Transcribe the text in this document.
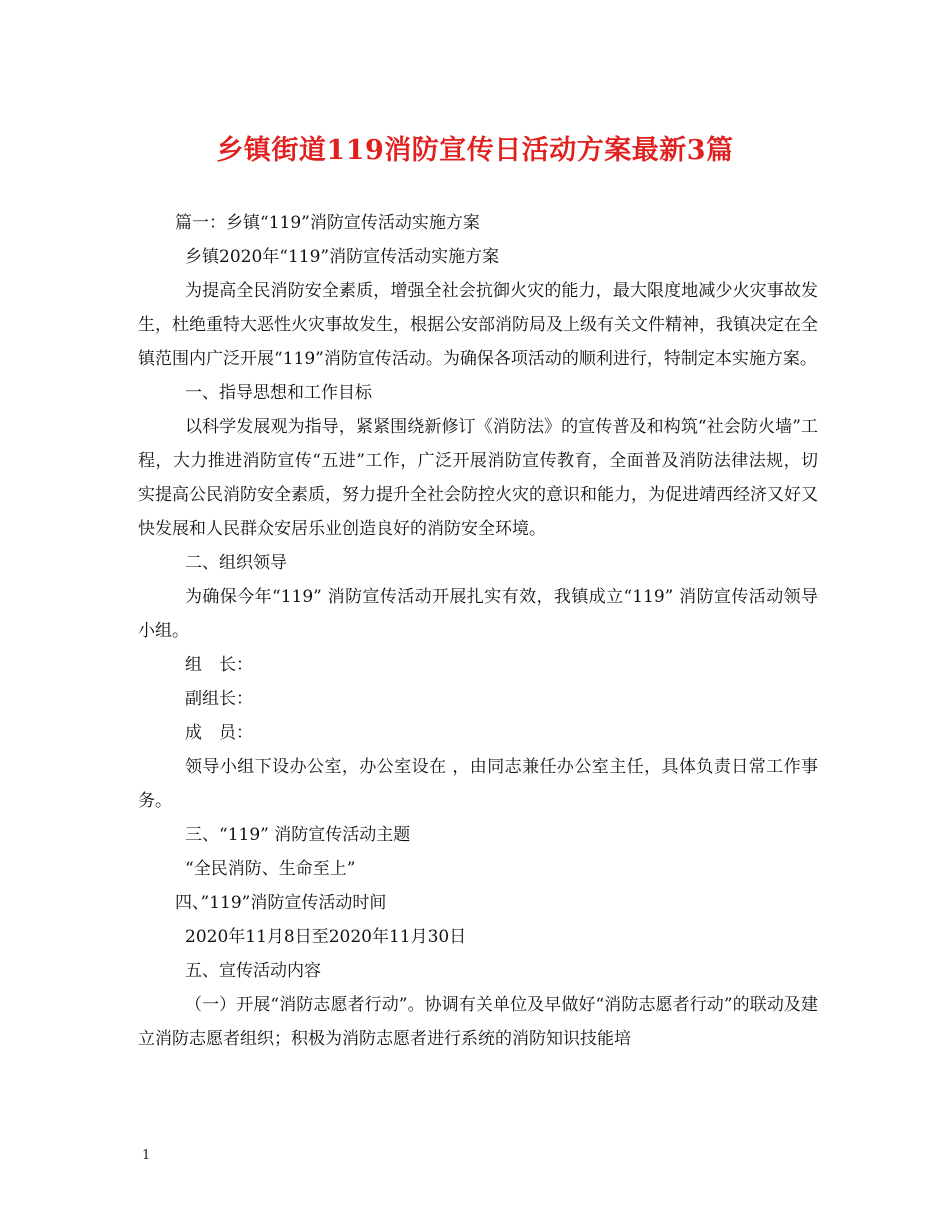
乡镇街道119消防宣传日活动方案最新3篇

篇一：乡镇“119”消防宣传活动实施方案

乡镇2020年“119”消防宣传活动实施方案

为提高全民消防安全素质，增强全社会抗御火灾的能力，最大限度地减少火灾事故发生，杜绝重特大恶性火灾事故发生，根据公安部消防局及上级有关文件精神，我镇决定在全镇范围内广泛开展“119”消防宣传活动。为确保各项活动的顺利进行，特制定本实施方案。

一、指导思想和工作目标

以科学发展观为指导，紧紧围绕新修订《消防法》的宣传普及和构筑“社会防火墙”工程，大力推进消防宣传“五进”工作，广泛开展消防宣传教育，全面普及消防法律法规，切实提高公民消防安全素质，努力提升全社会防控火灾的意识和能力，为促进靖西经济又好又快发展和人民群众安居乐业创造良好的消防安全环境。

二、组织领导

为确保今年“119” 消防宣传活动开展扎实有效，我镇成立“119” 消防宣传活动领导小组。

组　长：

副组长：

成　员：

领导小组下设办公室，办公室设在 ，由同志兼任办公室主任，具体负责日常工作事务。

三、“119” 消防宣传活动主题

“全民消防、生命至上”

四、”119”消防宣传活动时间

2020年11月8日至2020年11月30日

五、宣传活动内容

（一）开展“消防志愿者行动”。协调有关单位及早做好“消防志愿者行动”的联动及建立消防志愿者组织；积极为消防志愿者进行系统的消防知识技能培

1
